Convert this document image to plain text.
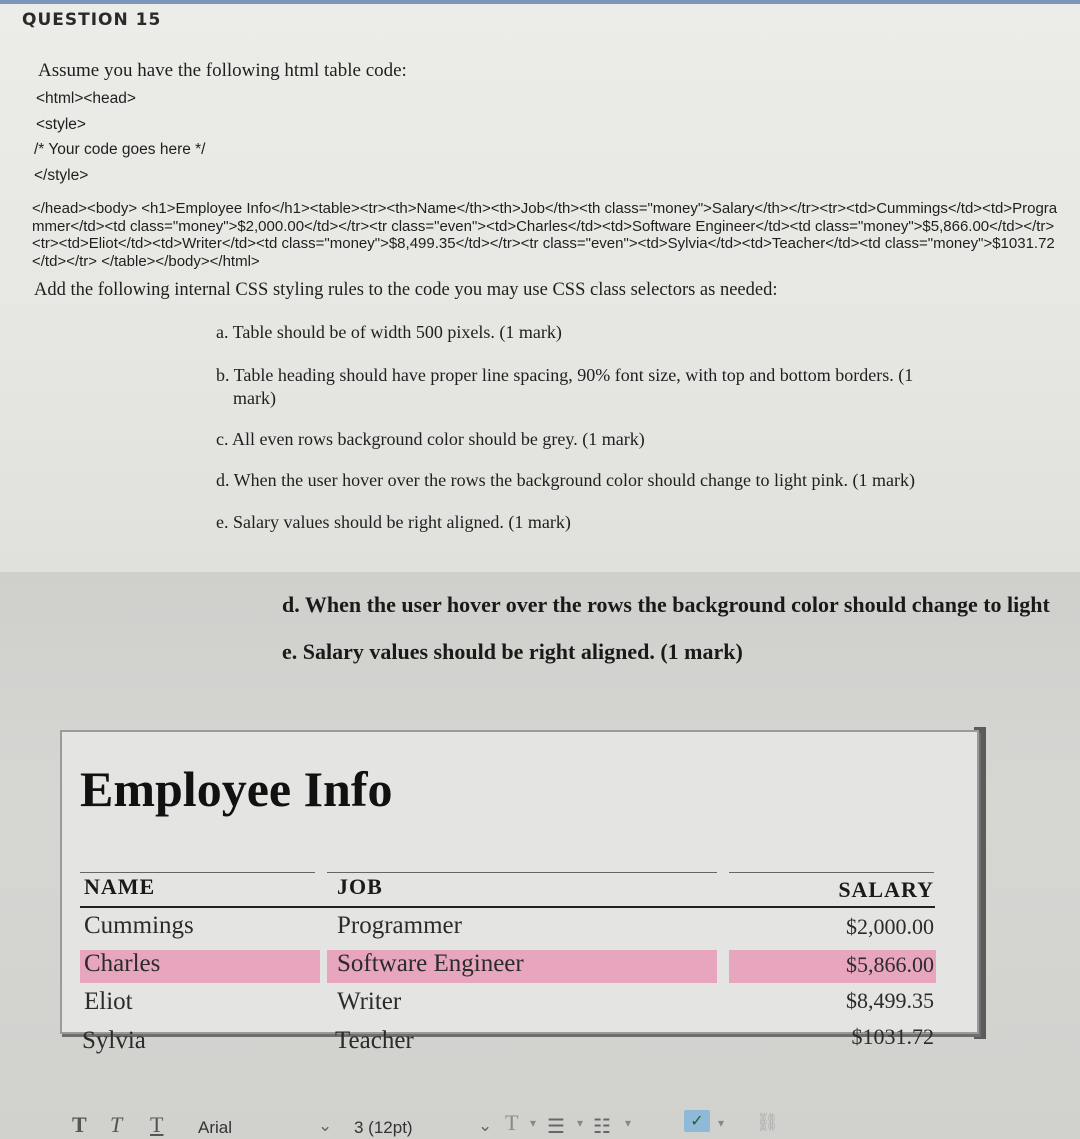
QUESTION 15
Assume you have the following html table code:
<html><head>
<style>
/* Your code goes here */
</style>
</head><body> <h1>Employee Info</h1><table><tr><th>Name</th><th>Job</th><th class="money">Salary</th></tr><tr><td>Cummings</td><td>Programmer</td><td class="money">$2,000.00</td></tr><tr class="even"><td>Charles</td><td>Software Engineer</td><td class="money">$5,866.00</td></tr><tr><td>Eliot</td><td>Writer</td><td class="money">$8,499.35</td></tr><tr class="even"><td>Sylvia</td><td>Teacher</td><td class="money">$1031.72</td></tr> </table></body></html>
Add the following internal CSS styling rules to the code you may use CSS class selectors as needed:
a. Table should be of width 500 pixels. (1 mark)
b. Table heading should have proper line spacing, 90% font size, with top and bottom borders. (1
mark)
c. All even rows background color should be grey. (1 mark)
d. When the user hover over the rows the background color should change to light pink. (1 mark)
e. Salary values should be right aligned. (1 mark)
d. When the user hover over the rows the background color should change to light
e. Salary values should be right aligned. (1 mark)
Employee Info
NAME	JOB	SALARY
Cummings	Programmer	$2,000.00
Charles	Software Engineer	$5,866.00
Eliot	Writer	$8,499.35
Sylvia	Teacher	$1031.72
T T T Arial	⌄ 3 (12pt)	⌄ T ▾ ☰ ▾ ☷ ▾	✓	▾ ⛓
